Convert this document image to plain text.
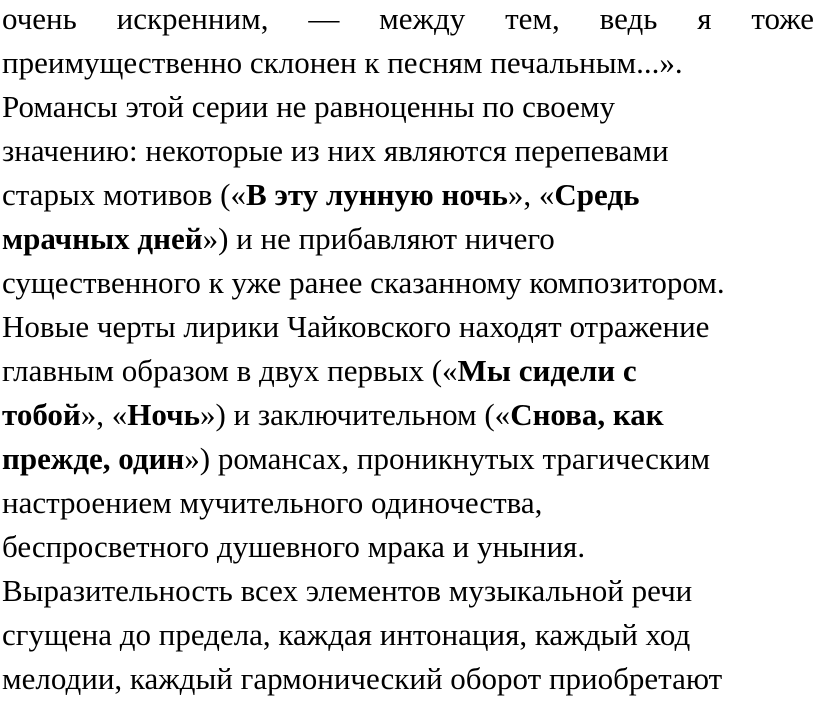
очень искренним, — между тем, ведь я тоже
преимущественно склонен к песням печальным...».
Романсы этой серии не равноценны по своему
значению: некоторые из них являются перепевами
старых мотивов («В эту лунную ночь», «Средь
мрачных дней») и не прибавляют ничего
существенного к уже ранее сказанному композитором.
Новые черты лирики Чайковского находят отражение
главным образом в двух первых («Мы сидели с
тобой», «Ночь») и заключительном («Снова, как
прежде, один») романсах, проникнутых трагическим
настроением мучительного одиночества,
беспросветного душевного мрака и уныния.
Выразительность всех элементов музыкальной речи
сгущена до предела, каждая интонация, каждый ход
мелодии, каждый гармонический оборот приобретают
